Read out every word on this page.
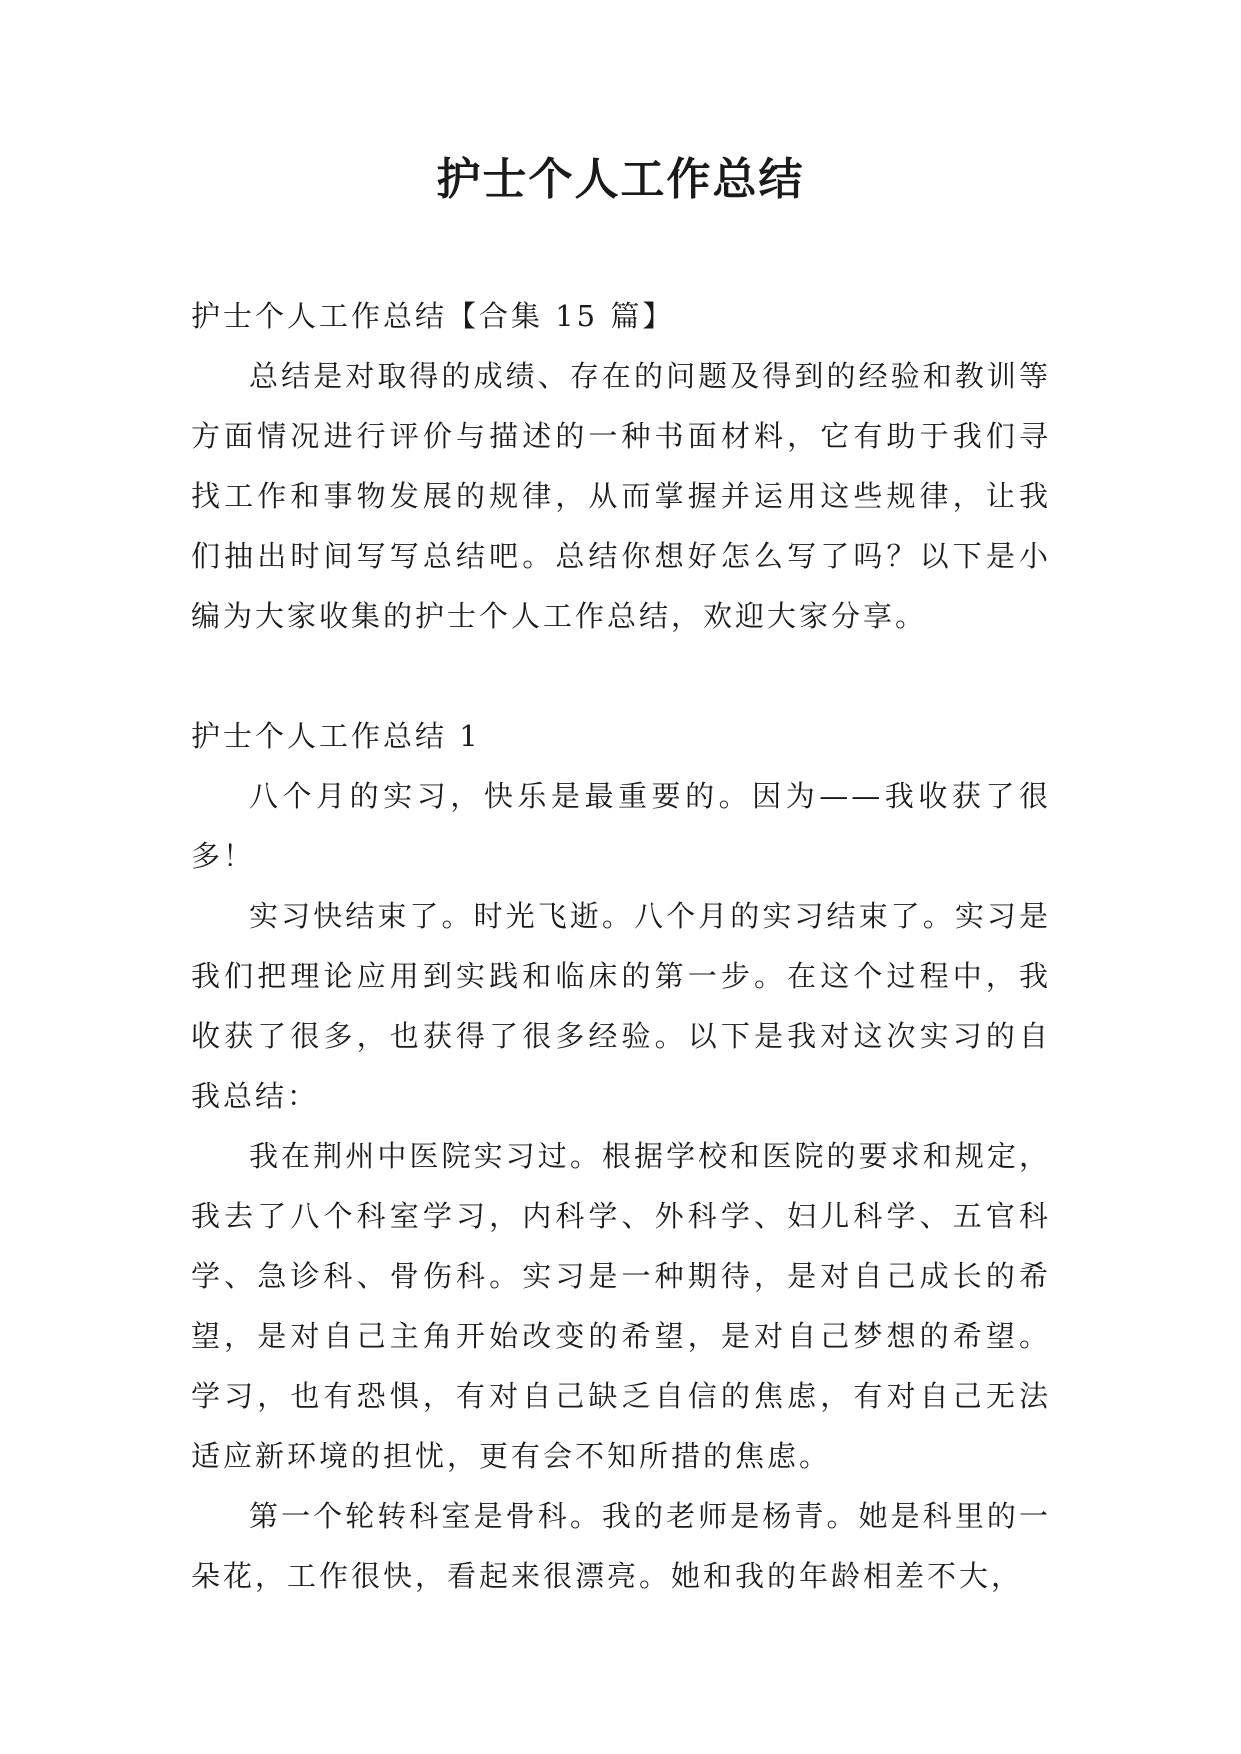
护士个人工作总结
护士个人工作总结【合集 15 篇】

总结是对取得的成绩、存在的问题及得到的经验和教训等方面情况进行评价与描述的一种书面材料，它有助于我们寻找工作和事物发展的规律，从而掌握并运用这些规律，让我们抽出时间写写总结吧。总结你想好怎么写了吗？以下是小编为大家收集的护士个人工作总结，欢迎大家分享。

护士个人工作总结 1

八个月的实习，快乐是最重要的。因为——我收获了很多！

实习快结束了。时光飞逝。八个月的实习结束了。实习是我们把理论应用到实践和临床的第一步。在这个过程中，我收获了很多，也获得了很多经验。以下是我对这次实习的自我总结：

我在荆州中医院实习过。根据学校和医院的要求和规定，我去了八个科室学习，内科学、外科学、妇儿科学、五官科学、急诊科、骨伤科。实习是一种期待，是对自己成长的希望，是对自己主角开始改变的希望，是对自己梦想的希望。学习，也有恐惧，有对自己缺乏自信的焦虑，有对自己无法适应新环境的担忧，更有会不知所措的焦虑。

第一个轮转科室是骨科。我的老师是杨青。她是科里的一朵花，工作很快，看起来很漂亮。她和我的年龄相差不大，
